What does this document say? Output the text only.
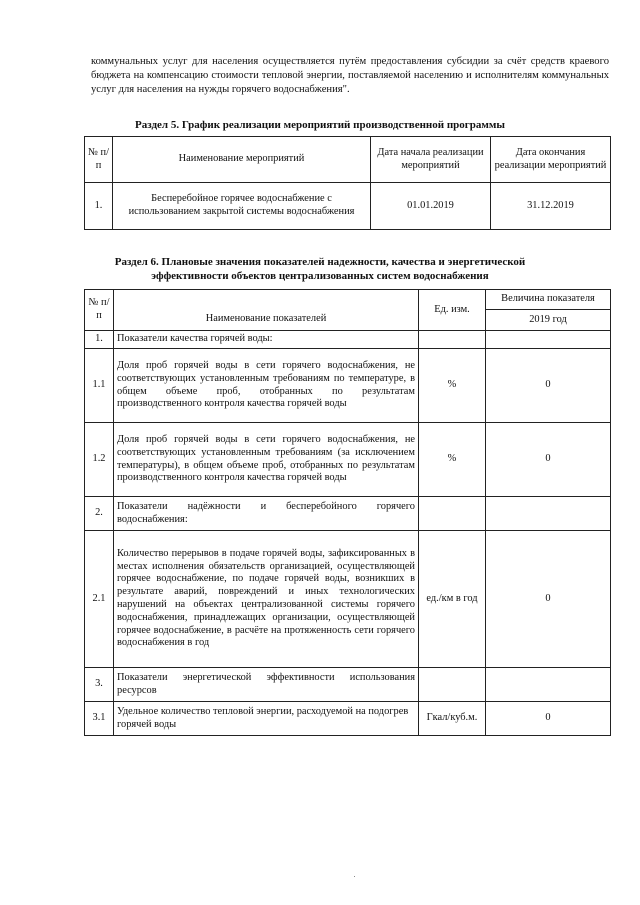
коммунальных услуг для населения осуществляется путём предоставления субсидии за счёт средств краевого бюджета на компенсацию стоимости тепловой энергии, поставляемой населению и исполнителям коммунальных услуг для населения на нужды горячего водоснабжения".
Раздел 5. График реализации мероприятий производственной программы
№ п/п	Наименование мероприятий	Дата начала реализации мероприятий	Дата окончания реализации мероприятий
1.	Бесперебойное горячее водоснабжение с использованием закрытой системы водоснабжения	01.01.2019	31.12.2019
Раздел 6. Плановые значения показателей надежности, качества и энергетической
эффективности объектов централизованных систем водоснабжения
№ п/п	Наименование показателей	Ед. изм.	Величина показателя
			2019 год
1.	Показатели качества горячей воды:		
1.1	Доля проб горячей воды в сети горячего водоснабжения, не соответствующих установленным требованиям по температуре, в общем объеме проб, отобранных по результатам производственного контроля качества горячей воды	%	0
1.2	Доля проб горячей воды в сети горячего водоснабжения, не соответствующих установленным требованиям (за исключением температуры), в общем объеме проб, отобранных по результатам производственного контроля качества горячей воды	%	0
2.	Показатели надёжности и бесперебойного горячего водоснабжения:		
2.1	Количество перерывов в подаче горячей воды, зафиксированных в местах исполнения обязательств организацией, осуществляющей горячее водоснабжение, по подаче горячей воды, возникших в результате аварий, повреждений и иных технологических нарушений на объектах централизованной системы горячего водоснабжения, принадлежащих организации, осуществляющей горячее водоснабжение, в расчёте на протяженность сети горячего водоснабжения в год	ед./км в год	0
3.	Показатели энергетической эффективности использования ресурсов		
3.1	Удельное количество тепловой энергии, расходуемой на подогрев горячей воды	Гкал/куб.м.	0
